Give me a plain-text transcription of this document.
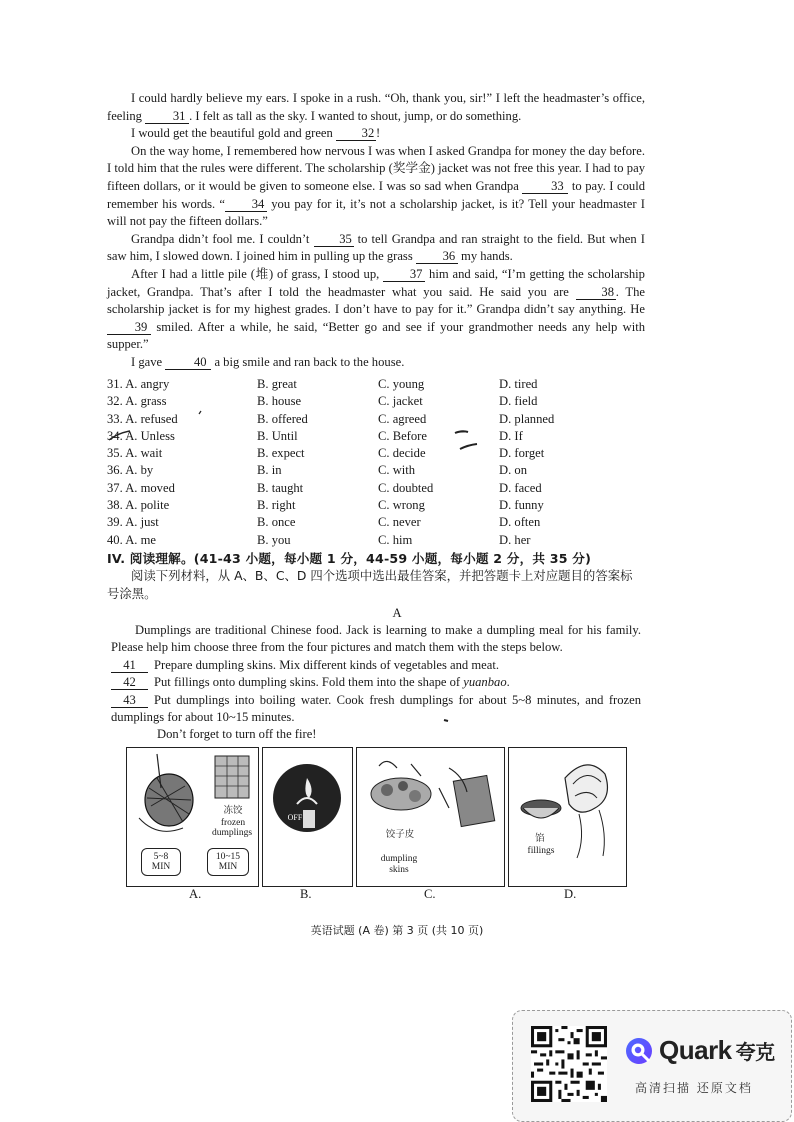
I could hardly believe my ears. I spoke in a rush. “Oh, thank you, sir!” I left the headmaster’s office, feeling 31 . I felt as tall as the sky. I wanted to shout, jump, or do something.

I would get the beautiful gold and green 32 !

On the way home, I remembered how nervous I was when I asked Grandpa for money the day before. I told him that the rules were different. The scholarship (奖学金) jacket was not free this year. I had to pay fifteen dollars, or it would be given to someone else. I was so sad when Grandpa	33 to pay. I could remember his words. “ 34 you pay for it, it’s not a scholarship jacket, is it? Tell your headmaster I will not pay the fifteen dollars.”

Grandpa didn’t fool me. I couldn’t 35 to tell Grandpa and ran straight to the field. But when I saw him, I slowed down. I joined him in pulling up the grass 36 my hands.

After I had a little pile (堆) of grass, I stood up, 37 him and said, “I’m getting the scholarship jacket, Grandpa. That’s after I told the headmaster what you said. He said you are	38 . The scholarship jacket is for my highest grades. I don’t have to pay for it.” Grandpa didn’t say anything. He 39 smiled. After a while, he said, “Better go and see if your grandmother needs any help with supper.”

I gave	40 a big smile and ran back to the house.

31. A. angry	B. great	C. young	D. tired
32. A. grass	B. house	C. jacket	D. field
33. A. refused	B. offered	C. agreed	D. planned
34. A. Unless	B. Until	C. Before	D. If
35. A. wait	B. expect	C. decide	D. forget
36. A. by	B. in	C. with	D. on
37. A. moved	B. taught	C. doubted	D. faced
38. A. polite	B. right	C. wrong	D. funny
39. A. just	B. once	C. never	D. often
40. A. me	B. you	C. him	D. her
IV. 阅读理解。(41-43 小题，每小题 1 分，44-59 小题，每小题 2 分，共 35 分)
阅读下列材料，从 A、B、C、D 四个选项中选出最佳答案，并把答题卡上对应题目的答案标号涂黑。
A

Dumplings are traditional Chinese food. Jack is learning to make a dumpling meal for his family. Please help him choose three from the four pictures and match them with the steps below.

41 Prepare dumpling skins. Mix different kinds of vegetables and meat.

42 Put fillings onto dumpling skins. Fold them into the shape of yuanbao.

43 Put dumplings into boiling water. Cook fresh dumplings for about 5~8 minutes, and frozen dumplings for about 10~15 minutes.

Don’t forget to turn off the fire!

冻饺
frozen
dumplings
5~8
MIN
10~15
MIN
OFF
饺子皮
dumpling
skins
馅
fillings
A.	B.	C.	D.
英语试题 (A 卷) 第 3 页 (共 10 页)
Quark 夸克
高清扫描 还原文档
